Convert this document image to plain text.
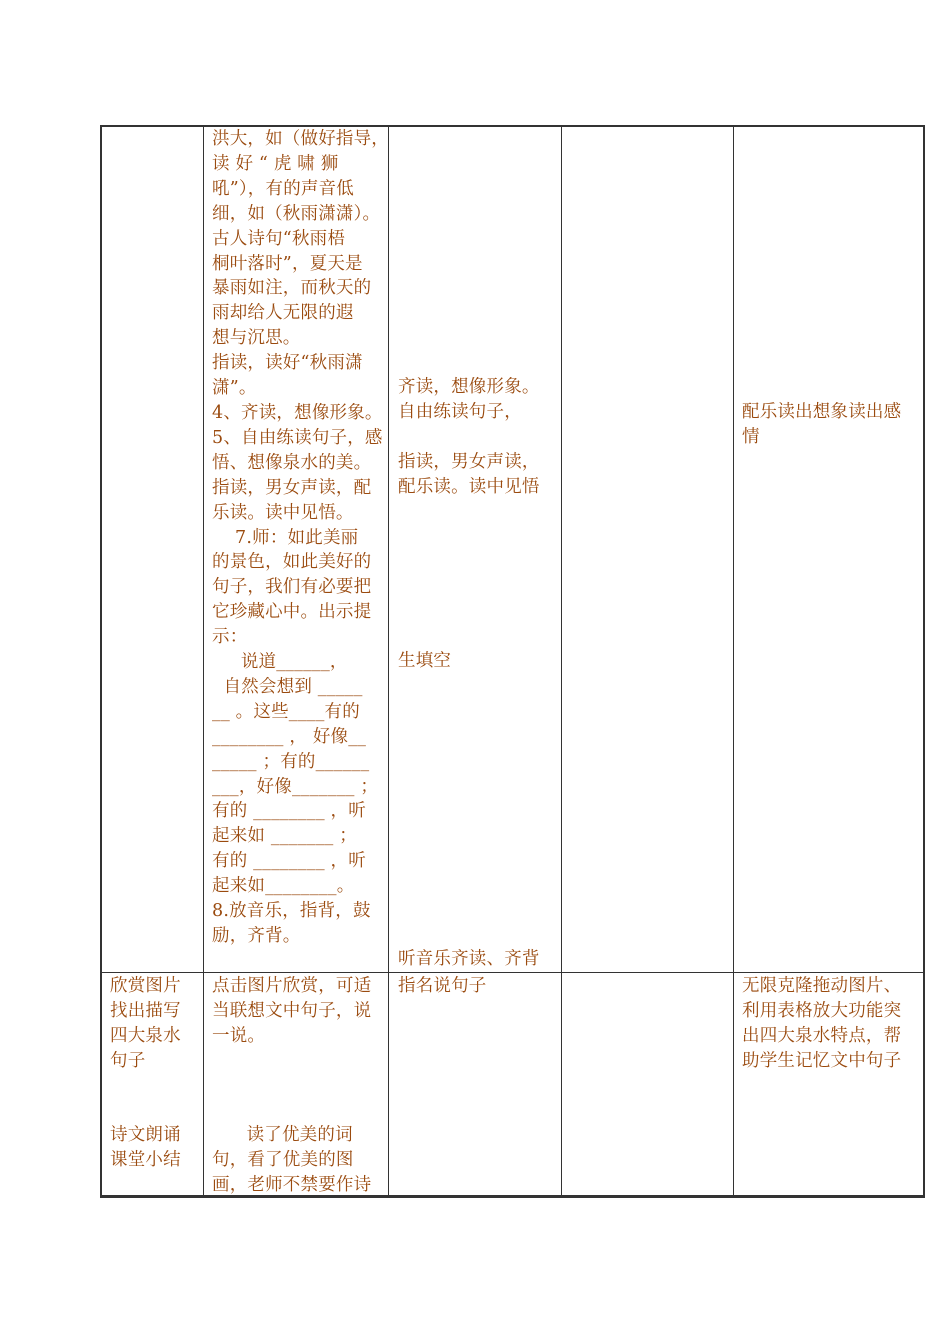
洪大，如（做好指导，
读 好 “ 虎 啸 狮
吼”），有的声音低
细，如（秋雨潇潇）。
古人诗句“秋雨梧
桐叶落时”，夏天是
暴雨如注，而秋天的
雨却给人无限的遐
想与沉思。
指读，读好“秋雨潇
潇”。
4、齐读，想像形象。
5、自由练读句子，感
悟、想像泉水的美。
指读，男女声读，配
乐读。读中见悟。
7.师：如此美丽
的景色，如此美好的
句子，我们有必要把
它珍藏心中。出示提
示：
说道______，
自然会想到 _____
__ 。这些____有的
________ ， 好像__
_____ ；有的______
___，好像_______ ；
有的 ________ ，听
起来如 _______ ；
有的 ________ ，听
起来如________。
8.放音乐，指背，鼓
励，齐背。
齐读，想像形象。
自由练读句子，
指读，男女声读，
配乐读。读中见悟
生填空
听音乐齐读、齐背
配乐读出想象读出感
情
欣赏图片
找出描写
四大泉水
句子
诗文朗诵
课堂小结
点击图片欣赏，可适
当联想文中句子，说
一说。
读了优美的词
句，看了优美的图
画，老师不禁要作诗
指名说句子	无限克隆拖动图片、
利用表格放大功能突
出四大泉水特点，帮
助学生记忆文中句子
